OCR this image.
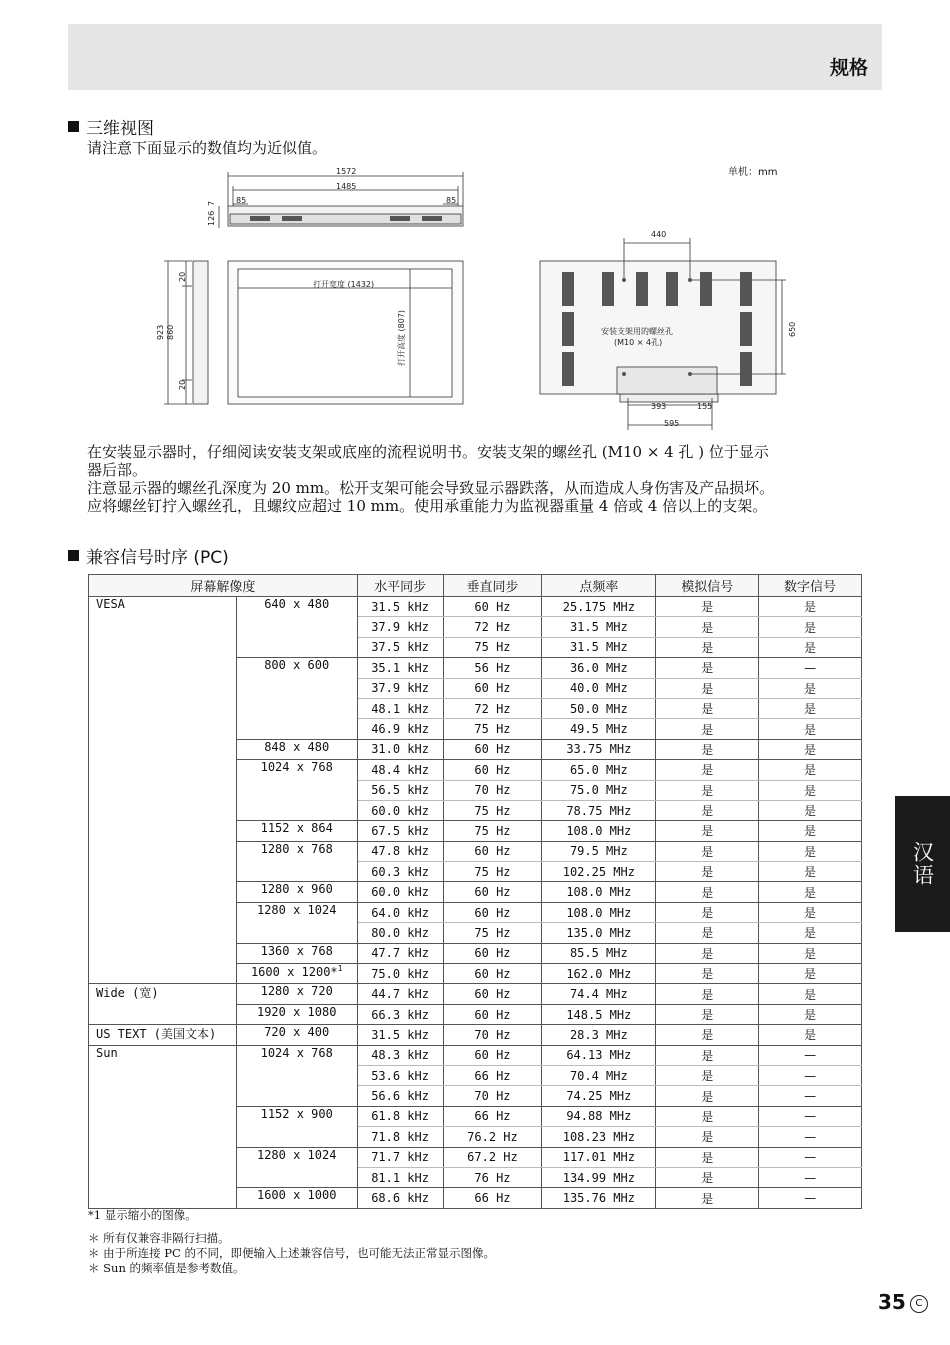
规格
三维视图
请注意下面显示的数值均为近似值。
单机：mm
1572
1485
85	85
126
7
923 860
20
20
打开宽度 (1432)
打开高度 (807)
440
650
安装支架用的螺丝孔
(M10 × 4孔)
393	155
595
在安装显示器时，仔细阅读安装支架或底座的流程说明书。安装支架的螺丝孔 (M10 × 4 孔 ) 位于显示
器后部。
注意显示器的螺丝孔深度为 20 mm。松开支架可能会导致显示器跌落，从而造成人身伤害及产品损坏。
应将螺丝钉拧入螺丝孔，且螺纹应超过 10 mm。使用承重能力为监视器重量 4 倍或 4 倍以上的支架。
兼容信号时序 (PC)
屏幕解像度		水平同步	垂直同步	点频率	模拟信号	数字信号
VESA	640 x 480	31.5 kHz	60 Hz	25.175 MHz	是	是
		37.9 kHz	72 Hz	31.5 MHz	是	是
		37.5 kHz	75 Hz	31.5 MHz	是	是
	800 x 600	35.1 kHz	56 Hz	36.0 MHz	是	—
		37.9 kHz	60 Hz	40.0 MHz	是	是
		48.1 kHz	72 Hz	50.0 MHz	是	是
		46.9 kHz	75 Hz	49.5 MHz	是	是
	848 x 480	31.0 kHz	60 Hz	33.75 MHz	是	是
	1024 x 768	48.4 kHz	60 Hz	65.0 MHz	是	是
		56.5 kHz	70 Hz	75.0 MHz	是	是
		60.0 kHz	75 Hz	78.75 MHz	是	是
	1152 x 864	67.5 kHz	75 Hz	108.0 MHz	是	是
	1280 x 768	47.8 kHz	60 Hz	79.5 MHz	是	是
		60.3 kHz	75 Hz	102.25 MHz	是	是
	1280 x 960	60.0 kHz	60 Hz	108.0 MHz	是	是
	1280 x 1024	64.0 kHz	60 Hz	108.0 MHz	是	是
		80.0 kHz	75 Hz	135.0 MHz	是	是
	1360 x 768	47.7 kHz	60 Hz	85.5 MHz	是	是
	1600 x 1200*$^1$	75.0 kHz	60 Hz	162.0 MHz	是	是
Wide (宽)	1280 x 720	44.7 kHz	60 Hz	74.4 MHz	是	是
	1920 x 1080	66.3 kHz	60 Hz	148.5 MHz	是	是
US TEXT (美国文本)	720 x 400	31.5 kHz	70 Hz	28.3 MHz	是	是
Sun	1024 x 768	48.3 kHz	60 Hz	64.13 MHz	是	—
		53.6 kHz	66 Hz	70.4 MHz	是	—
		56.6 kHz	70 Hz	74.25 MHz	是	—
	1152 x 900	61.8 kHz	66 Hz	94.88 MHz	是	—
		71.8 kHz	76.2 Hz	108.23 MHz	是	—
	1280 x 1024	71.7 kHz	67.2 Hz	117.01 MHz	是	—
		81.1 kHz	76 Hz	134.99 MHz	是	—
	1600 x 1000	68.6 kHz	66 Hz	135.76 MHz	是	—
*1 显示缩小的图像。
＊ 所有仅兼容非隔行扫描。
＊ 由于所连接 PC 的不同，即便输入上述兼容信号，也可能无法正常显示图像。
＊ Sun 的频率值是参考数值。
汉语
35 C
